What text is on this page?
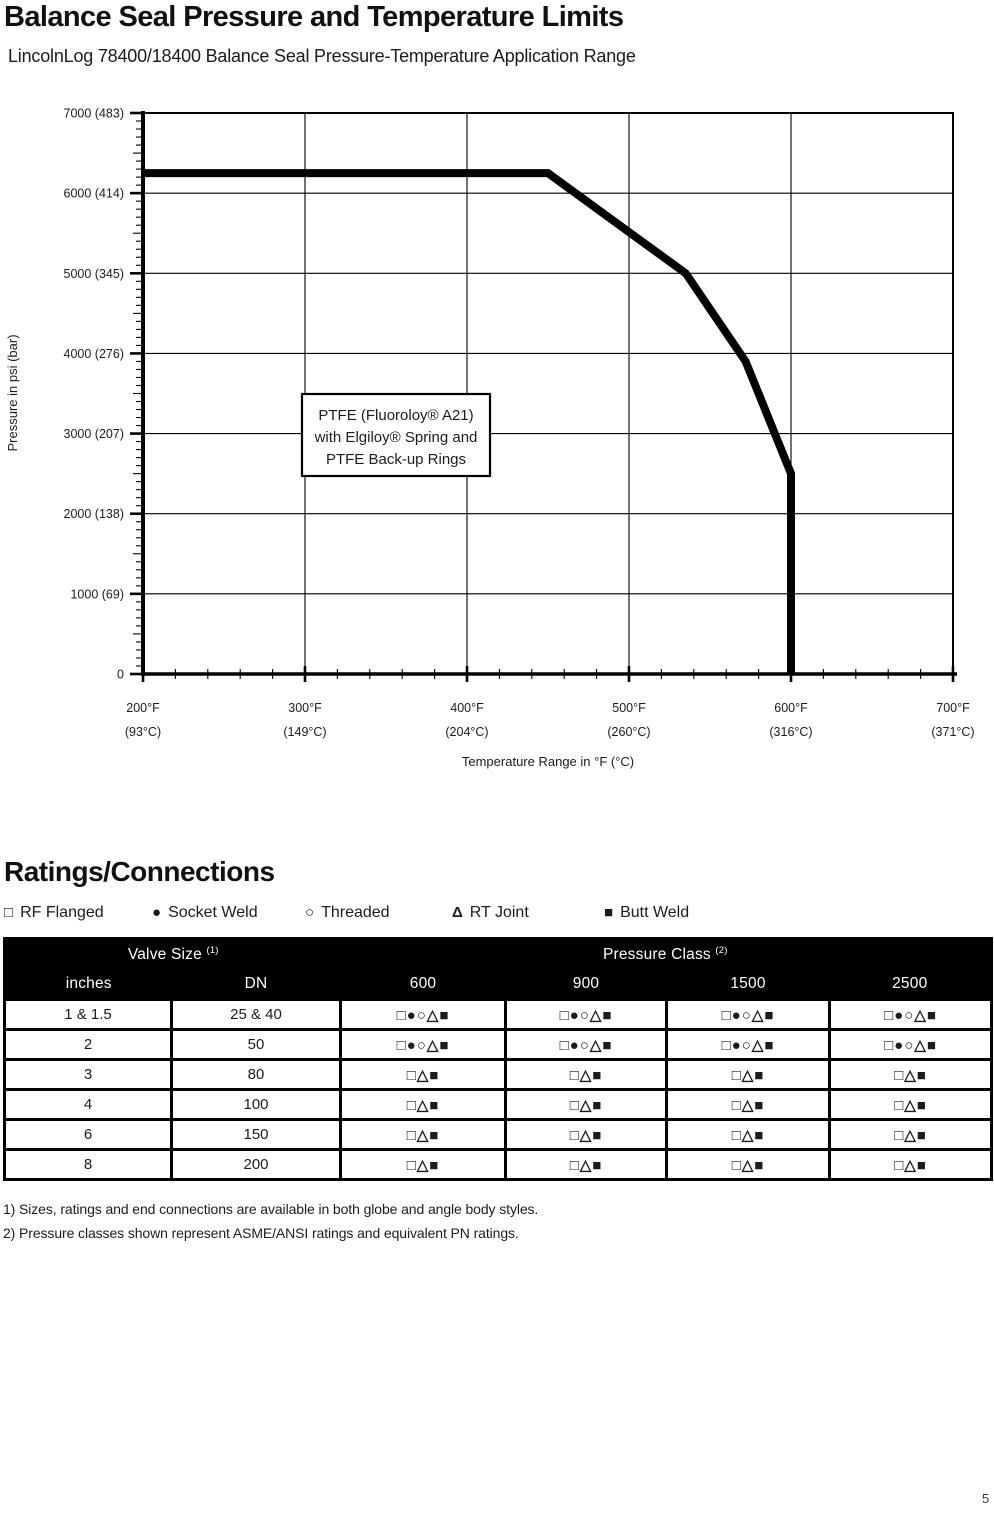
Balance Seal Pressure and Temperature Limits
LincolnLog 78400/18400 Balance Seal Pressure-Temperature Application Range
7000 (483)
6000 (414)
5000 (345)
4000 (276)
3000 (207)
2000 (138)
1000 (69)
0
200°F	300°F	400°F	500°F	600°F	700°F
(93°C)	(149°C)	(204°C)	(260°C)	(316°C)	(371°C)
Pressure in psi (bar)
Temperature Range in °F (°C)
PTFE (Fluoroloy® A21)
with Elgiloy® Spring and
PTFE Back-up Rings
Ratings/Connections
□ RF Flanged	● Socket Weld	○ Threaded	Δ RT Joint	■ Butt Weld
Valve Size $^{(1)}$		Pressure Class $^{(2)}$
inches	DN	600	900	1500	2500
1 & 1.5	25 & 40	□●○△■	□●○△■	□●○△■	□●○△■
2	50	□●○△■	□●○△■	□●○△■	□●○△■
3	80	□△■	□△■	□△■	□△■
4	100	□△■	□△■	□△■	□△■
6	150	□△■	□△■	□△■	□△■
8	200	□△■	□△■	□△■	□△■
1) Sizes, ratings and end connections are available in both globe and angle body styles.
2) Pressure classes shown represent ASME/ANSI ratings and equivalent PN ratings.
5
